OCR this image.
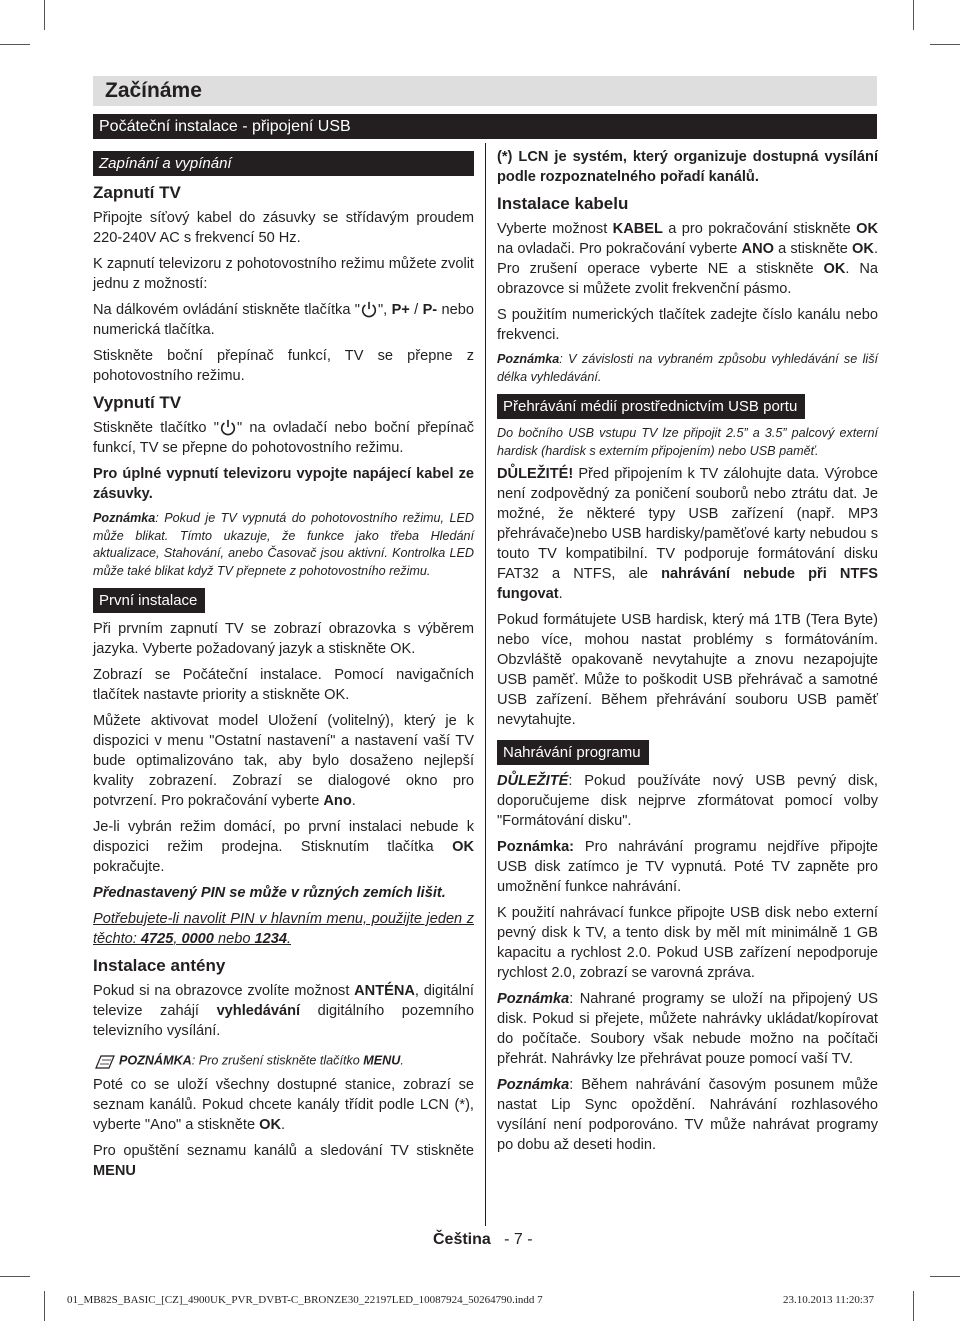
Začínáme
Počáteční instalace - připojení USB
Zapínání a vypínání
Zapnutí TV

Připojte síťový kabel do zásuvky se střídavým proudem 220-240V AC s frekvencí 50 Hz.

K zapnutí televizoru z pohotovostního režimu můžete zvolit jednu z možností:

Na dálkovém ovládání stiskněte tlačítka " ", P+ / P- nebo numerická tlačítka.

Stiskněte boční přepínač funkcí, TV se přepne z pohotovostního režimu.

Vypnutí TV

Stiskněte tlačítko " " na ovladačí nebo boční přepínač funkcí, TV se přepne do pohotovostního režimu.

Pro úplné vypnutí televizoru vypojte napájecí kabel ze zásuvky.

Poznámka: Pokud je TV vypnutá do pohotovostního režimu, LED může blikat. Tímto ukazuje, že funkce jako třeba Hledání aktualizace, Stahování, anebo Časovač jsou aktivní. Kontrolka LED může také blikat když TV přepnete z pohotovostního režimu.

První instalace

Při prvním zapnutí TV se zobrazí obrazovka s výběrem jazyka. Vyberte požadovaný jazyk a stiskněte OK.

Zobrazí se Počáteční instalace. Pomocí navigačních tlačítek nastavte priority a stiskněte OK.

Můžete aktivovat model Uložení (volitelný), který je k dispozici v menu "Ostatní nastavení" a nastavení vaší TV bude optimalizováno tak, aby bylo dosaženo nejlepší kvality zobrazení. Zobrazí se dialogové okno pro potvrzení. Pro pokračování vyberte Ano.

Je-li vybrán režim domácí, po první instalaci nebude k dispozici režim prodejna. Stisknutím tlačítka OK pokračujte.

Přednastavený PIN se může v různých zemích lišit.

Potřebujete-li navolit PIN v hlavním menu, použijte jeden z těchto: 4725, 0000 nebo 1234.

Instalace antény

Pokud si na obrazovce zvolíte možnost ANTÉNA, digitální televize zahájí vyhledávání digitálního pozemního televizního vysílání.

POZNÁMKA: Pro zrušení stiskněte tlačítko MENU.

Poté co se uloží všechny dostupné stanice, zobrazí se seznam kanálů. Pokud chcete kanály třídit podle LCN (*), vyberte "Ano" a stiskněte OK.

Pro opuštění seznamu kanálů a sledování TV stiskněte MENU

(*) LCN je systém, který organizuje dostupná vysílání podle rozpoznatelného pořadí kanálů.

Instalace kabelu

Vyberte možnost KABEL a pro pokračování stiskněte OK na ovladači. Pro pokračování vyberte ANO a stiskněte OK. Pro zrušení operace vyberte NE a stiskněte OK. Na obrazovce si můžete zvolit frekvenční pásmo.

S použitím numerických tlačítek zadejte číslo kanálu nebo frekvenci.

Poznámka: V závislosti na vybraném způsobu vyhledávání se liší délka vyhledávání.

Přehrávání médií prostřednictvím USB portu

Do bočního USB vstupu TV lze připojit 2.5” a 3.5” palcový externí hardisk (hardisk s externím připojením) nebo USB paměť.

DŮLEŽITÉ! Před připojením k TV zálohujte data. Výrobce není zodpovědný za poničení souborů nebo ztrátu dat. Je možné, že některé typy USB zařízení (např. MP3 přehrávače)nebo USB hardisky/paměťové karty nebudou s touto TV kompatibilní. TV podporuje formátování disku FAT32 a NTFS, ale nahrávání nebude při NTFS fungovat.

Pokud formátujete USB hardisk, který má 1TB (Tera Byte) nebo více, mohou nastat problémy s formátováním. Obzvláště opakovaně nevytahujte a znovu nezapojujte USB paměť. Může to poškodit USB přehrávač a samotné USB zařízení. Během přehrávání souboru USB paměť nevytahujte.

Nahrávání programu

DŮLEŽITÉ: Pokud používáte nový USB pevný disk, doporučujeme disk nejprve zformátovat pomocí volby "Formátování disku".

Poznámka: Pro nahrávání programu nejdříve připojte USB disk zatímco je TV vypnutá. Poté TV zapněte pro umožnění funkce nahrávání.

K použití nahrávací funkce připojte USB disk nebo externí pevný disk k TV, a tento disk by měl mít minimálně 1 GB kapacitu a rychlost 2.0. Pokud USB zařízení nepodporuje rychlost 2.0, zobrazí se varovná zpráva.

Poznámka: Nahrané programy se uloží na připojený US disk. Pokud si přejete, můžete nahrávky ukládat/kopírovat do počítače. Soubory však nebude možno na počítači přehrát. Nahrávky lze přehrávat pouze pomocí vaší TV.

Poznámka: Během nahrávání časovým posunem může nastat Lip Sync opoždění. Nahrávání rozhlasového vysílání není podporováno. TV může nahrávat programy po dobu až deseti hodin.

Čeština - 7 -
01_MB82S_BASIC_[CZ]_4900UK_PVR_DVBT-C_BRONZE30_22197LED_10087924_50264790.indd 7	23.10.2013 11:20:37
